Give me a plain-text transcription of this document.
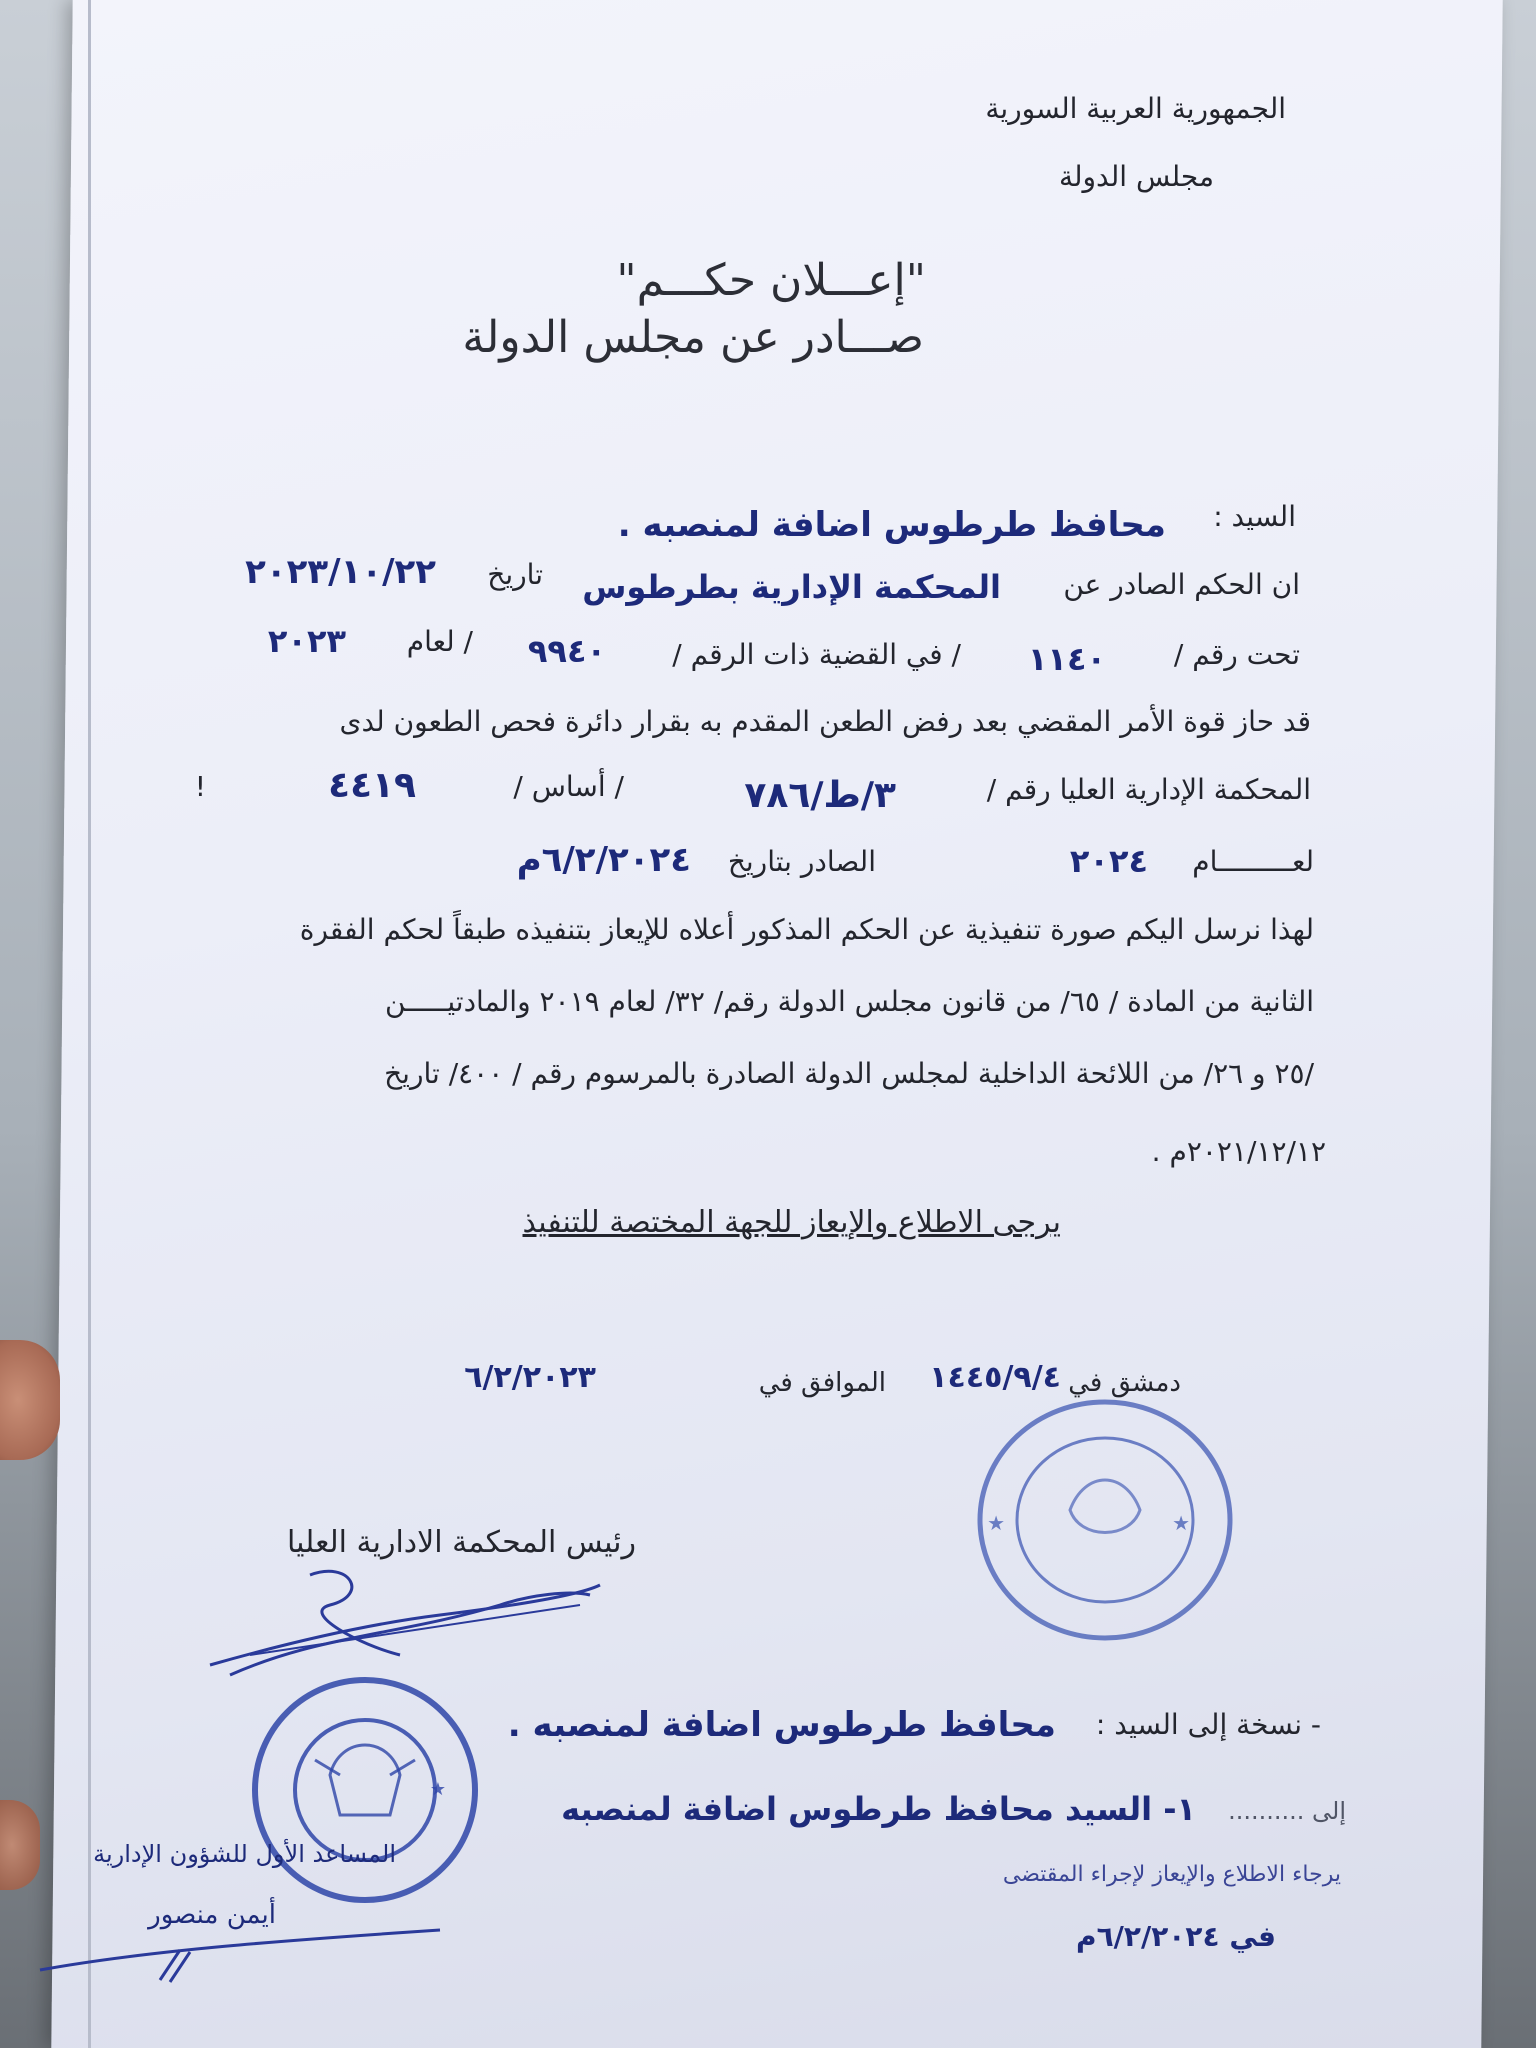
الجمهورية العربية السورية
مجلس الدولة
"إعـــلان حكـــم"
صـــادر عن مجلس الدولة
السيد :
محافظ طرطوس اضافة لمنصبه .
ان الحكم الصادر عن
المحكمة الإدارية بطرطوس
تاريخ
٢٠٢٣/١٠/٢٢
تحت رقم /
١١٤٠
/ في القضية ذات الرقم /
٩٩٤٠
/ لعام
٢٠٢٣
قد حاز قوة الأمر المقضي بعد رفض الطعن المقدم به بقرار دائرة فحص الطعون لدى
المحكمة الإدارية العليا رقم /
٣/ط/٧٨٦
/ أساس /
٤٤١٩
!
لعـــــــــام
٢٠٢٤
الصادر بتاريخ
٦/٢/٢٠٢٤م
لهذا نرسل اليكم صورة تنفيذية عن الحكم المذكور أعلاه للإيعاز بتنفيذه طبقاً لحكم الفقرة
الثانية من المادة / ٦٥/ من قانون مجلس الدولة رقم/ ٣٢/ لعام ٢٠١٩ والمادتيـــــن
/٢٥ و ٢٦/ من اللائحة الداخلية لمجلس الدولة الصادرة بالمرسوم رقم / ٤٠٠/ تاريخ
٢٠٢١/١٢/١٢م .
يرجى الاطلاع والإيعاز للجهة المختصة للتنفيذ
دمشق في
١٤٤٥/٩/٤
الموافق في
٦/٢/٢٠٢٣
رئيس المحكمة الادارية العليا
★	★
★
- نسخة إلى السيد :
محافظ طرطوس اضافة لمنصبه .
إلى ..........
١- السيد محافظ طرطوس اضافة لمنصبه
يرجاء الاطلاع والإيعاز لإجراء المقتضى
في ٦/٢/٢٠٢٤م
المساعد الأول للشؤون الإدارية
أيمن منصور
